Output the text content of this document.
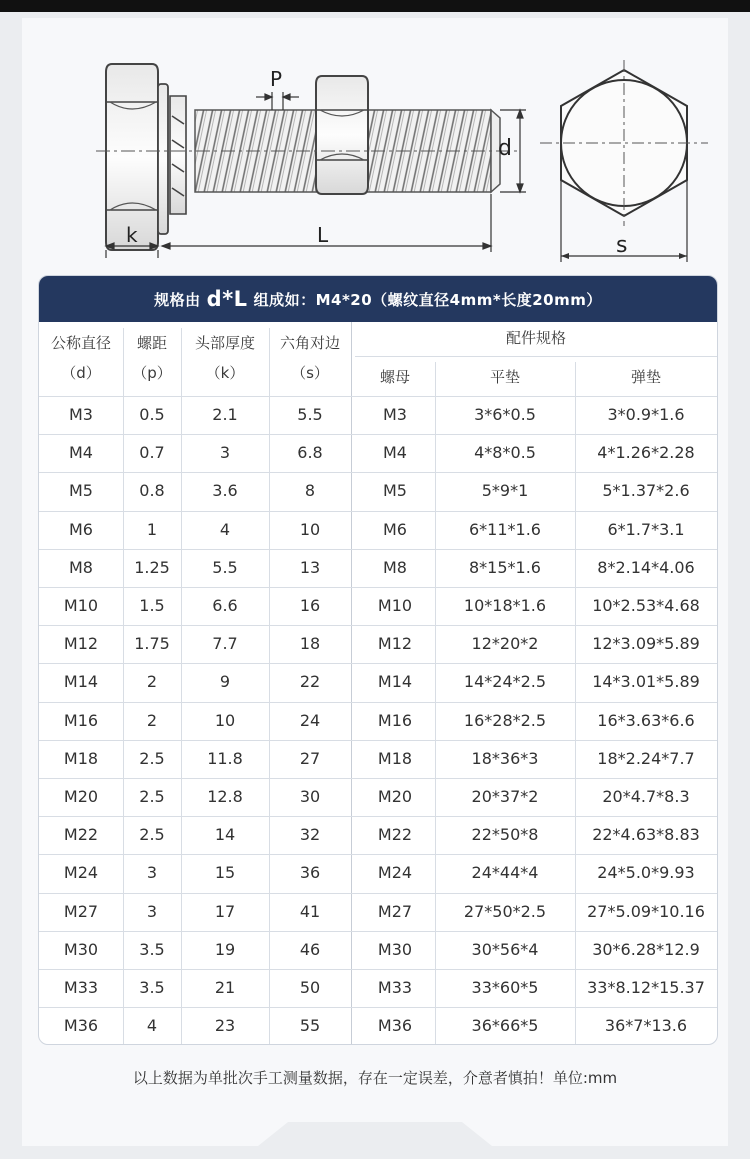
P
d
k	L	s
规格由 d*L 组成如：M4*20（螺纹直径4mm*长度20mm）
公称直径
（d）
螺距
（p）
头部厚度
（k）
六角对边
（s）
配件规格
螺母	平垫	弹垫
M3	0.5	2.1	5.5	M3	3*6*0.5	3*0.9*1.6
M4	0.7	3	6.8	M4	4*8*0.5	4*1.26*2.28
M5	0.8	3.6	8	M5	5*9*1	5*1.37*2.6
M6	1	4	10	M6	6*11*1.6	6*1.7*3.1
M8	1.25	5.5	13	M8	8*15*1.6	8*2.14*4.06
M10	1.5	6.6	16	M10	10*18*1.6	10*2.53*4.68
M12	1.75	7.7	18	M12	12*20*2	12*3.09*5.89
M14	2	9	22	M14	14*24*2.5	14*3.01*5.89
M16	2	10	24	M16	16*28*2.5	16*3.63*6.6
M18	2.5	11.8	27	M18	18*36*3	18*2.24*7.7
M20	2.5	12.8	30	M20	20*37*2	20*4.7*8.3
M22	2.5	14	32	M22	22*50*8	22*4.63*8.83
M24	3	15	36	M24	24*44*4	24*5.0*9.93
M27	3	17	41	M27	27*50*2.5	27*5.09*10.16
M30	3.5	19	46	M30	30*56*4	30*6.28*12.9
M33	3.5	21	50	M33	33*60*5	33*8.12*15.37
M36	4	23	55	M36	36*66*5	36*7*13.6
以上数据为单批次手工测量数据，存在一定误差，介意者慎拍！单位:mm
